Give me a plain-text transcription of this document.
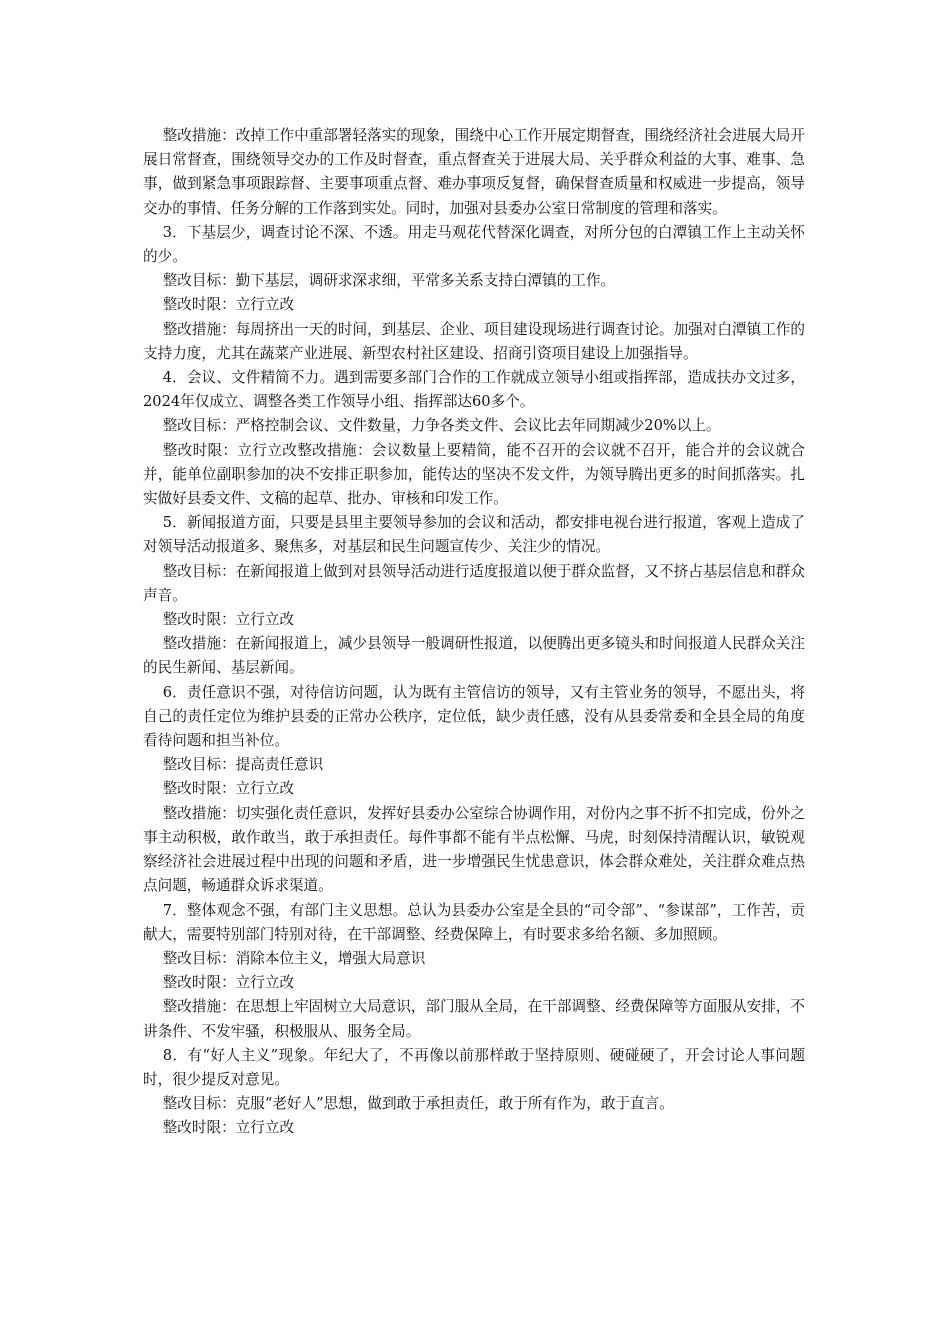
整改措施：改掉工作中重部署轻落实的现象，围绕中心工作开展定期督查，围绕经济社会进展大局开展日常督查，围绕领导交办的工作及时督查，重点督查关于进展大局、关乎群众利益的大事、难事、急事，做到紧急事项跟踪督、主要事项重点督、难办事项反复督，确保督查质量和权威进一步提高，领导交办的事情、任务分解的工作落到实处。同时，加强对县委办公室日常制度的管理和落实。

3．下基层少，调查讨论不深、不透。用走马观花代替深化调查，对所分包的白潭镇工作上主动关怀的少。

整改目标：勤下基层，调研求深求细，平常多关系支持白潭镇的工作。

整改时限：立行立改

整改措施：每周挤出一天的时间，到基层、企业、项目建设现场进行调查讨论。加强对白潭镇工作的支持力度，尤其在蔬菜产业进展、新型农村社区建设、招商引资项目建设上加强指导。

4．会议、文件精简不力。遇到需要多部门合作的工作就成立领导小组或指挥部，造成扶办文过多，2024年仅成立、调整各类工作领导小组、指挥部达60多个。

整改目标：严格控制会议、文件数量，力争各类文件、会议比去年同期减少20%以上。

整改时限：立行立改整改措施：会议数量上要精简，能不召开的会议就不召开，能合并的会议就合并，能单位副职参加的决不安排正职参加，能传达的坚决不发文件，为领导腾出更多的时间抓落实。扎实做好县委文件、文稿的起草、批办、审核和印发工作。

5．新闻报道方面，只要是县里主要领导参加的会议和活动，都安排电视台进行报道，客观上造成了对领导活动报道多、聚焦多，对基层和民生问题宣传少、关注少的情况。

整改目标：在新闻报道上做到对县领导活动进行适度报道以便于群众监督，又不挤占基层信息和群众声音。

整改时限：立行立改

整改措施：在新闻报道上，减少县领导一般调研性报道，以便腾出更多镜头和时间报道人民群众关注的民生新闻、基层新闻。

6．责任意识不强，对待信访问题，认为既有主管信访的领导，又有主管业务的领导，不愿出头，将自己的责任定位为维护县委的正常办公秩序，定位低，缺少责任感，没有从县委常委和全县全局的角度看待问题和担当补位。

整改目标：提高责任意识

整改时限：立行立改

整改措施：切实强化责任意识，发挥好县委办公室综合协调作用，对份内之事不折不扣完成，份外之事主动积极，敢作敢当，敢于承担责任。每件事都不能有半点松懈、马虎，时刻保持清醒认识，敏锐观察经济社会进展过程中出现的问题和矛盾，进一步增强民生忧患意识，体会群众难处，关注群众难点热点问题，畅通群众诉求渠道。

7．整体观念不强，有部门主义思想。总认为县委办公室是全县的“司令部”、“参谋部”，工作苦，贡献大，需要特别部门特别对待，在干部调整、经费保障上，有时要求多给名额、多加照顾。

整改目标：消除本位主义，增强大局意识

整改时限：立行立改

整改措施：在思想上牢固树立大局意识，部门服从全局，在干部调整、经费保障等方面服从安排，不讲条件、不发牢骚，积极服从、服务全局。

8．有“好人主义”现象。年纪大了，不再像以前那样敢于坚持原则、硬碰硬了，开会讨论人事问题时，很少提反对意见。

整改目标：克服“老好人”思想，做到敢于承担责任，敢于所有作为，敢于直言。

整改时限：立行立改
